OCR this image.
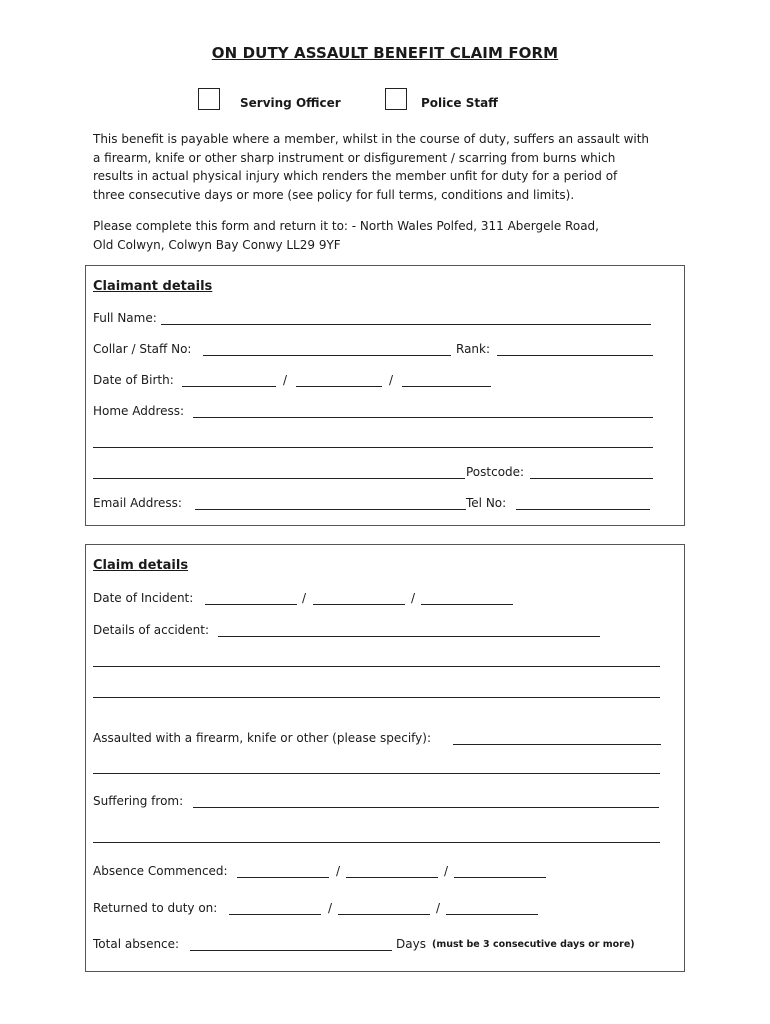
ON DUTY ASSAULT BENEFIT CLAIM FORM
Serving Officer	Police Staff
This benefit is payable where a member, whilst in the course of duty, suffers an assault with
a firearm, knife or other sharp instrument or disfigurement / scarring from burns which
results in actual physical injury which renders the member unfit for duty for a period of
three consecutive days or more (see policy for full terms, conditions and limits).
Please complete this form and return it to: - North Wales Polfed, 311 Abergele Road,
Old Colwyn, Colwyn Bay Conwy LL29 9YF
Claimant details
Full Name:
Collar / Staff No:	Rank:
Date of Birth:	/	/
Home Address:
Postcode:
Email Address:	Tel No:
Claim details
Date of Incident:	/	/
Details of accident:
Assaulted with a firearm, knife or other (please specify):
Suffering from:
Absence Commenced:	/	/
Returned to duty on:	/	/
Total absence:	Days (must be 3 consecutive days or more)
